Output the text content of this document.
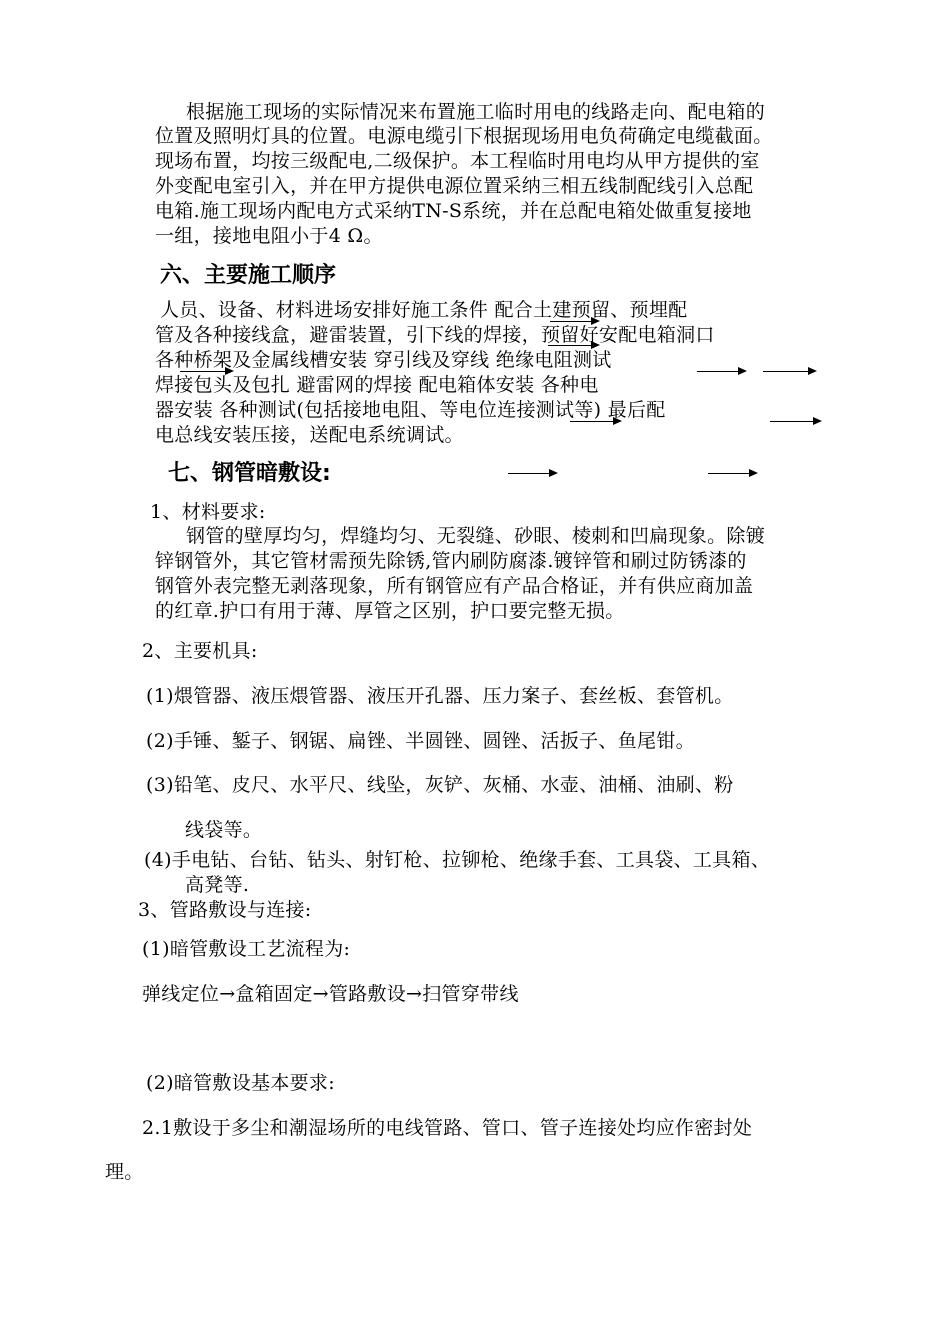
根据施工现场的实际情况来布置施工临时用电的线路走向、配电箱的
位置及照明灯具的位置。电源电缆引下根据现场用电负荷确定电缆截面。
现场布置，均按三级配电,二级保护。本工程临时用电均从甲方提供的室
外变配电室引入，并在甲方提供电源位置采纳三相五线制配线引入总配
电箱.施工现场内配电方式采纳TN-S系统，并在总配电箱处做重复接地
一组，接地电阻小于4 Ω。
六、主要施工顺序
人员、设备、材料进场安排好施工条件 配合土建预留、预埋配
管及各种接线盒，避雷装置，引下线的焊接，预留好安配电箱洞口
各种桥架及金属线槽安装 穿引线及穿线 绝缘电阻测试
焊接包头及包扎 避雷网的焊接 配电箱体安装 各种电
器安装 各种测试(包括接地电阻、等电位连接测试等) 最后配
电总线安装压接，送配电系统调试。
七、钢管暗敷设:
1、材料要求:
钢管的壁厚均匀，焊缝均匀、无裂缝、砂眼、棱刺和凹扁现象。除镀
锌钢管外，其它管材需预先除锈,管内刷防腐漆.镀锌管和刷过防锈漆的
钢管外表完整无剥落现象，所有钢管应有产品合格证，并有供应商加盖
的红章.护口有用于薄、厚管之区别，护口要完整无损。
2、主要机具:
(1)煨管器、液压煨管器、液压开孔器、压力案子、套丝板、套管机。
(2)手锤、錾子、钢锯、扁锉、半圆锉、圆锉、活扳子、鱼尾钳。
(3)铅笔、皮尺、水平尺、线坠，灰铲、灰桶、水壶、油桶、油刷、粉
线袋等。
(4)手电钻、台钻、钻头、射钉枪、拉铆枪、绝缘手套、工具袋、工具箱、
高凳等.
3、管路敷设与连接:
(1)暗管敷设工艺流程为:
弹线定位→盒箱固定→管路敷设→扫管穿带线
(2)暗管敷设基本要求:
2.1敷设于多尘和潮湿场所的电线管路、管口、管子连接处均应作密封处
理。
